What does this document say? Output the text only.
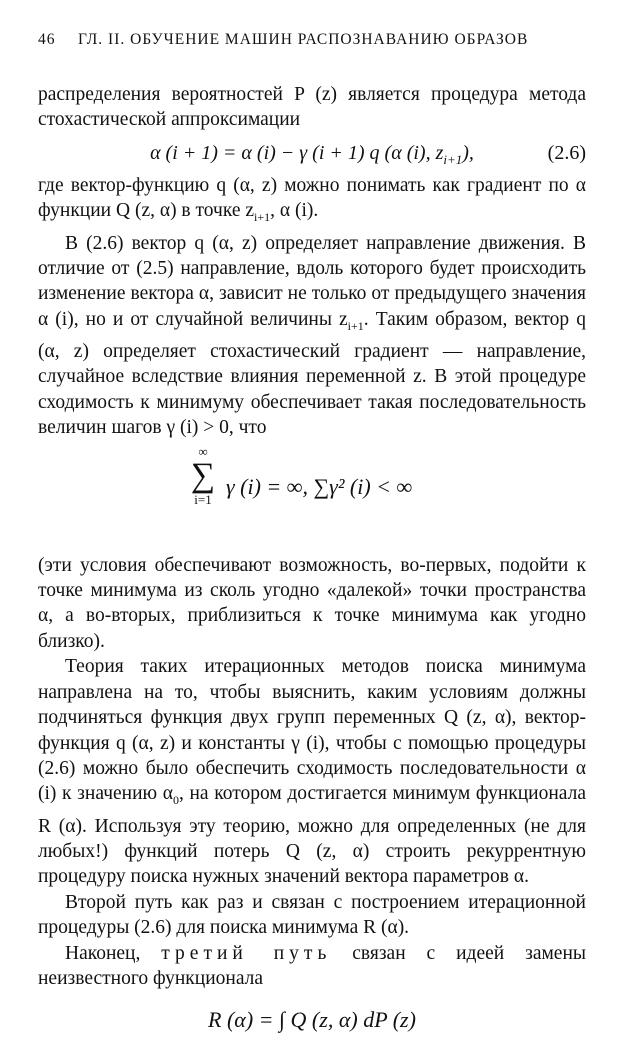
46 ГЛ. II. ОБУЧЕНИЕ МАШИН РАСПОЗНАВАНИЮ ОБРАЗОВ

распределения вероятностей P (z) является процедура метода стохастической аппроксимации

α (i + 1) = α (i) − γ (i + 1) q (α (i), $z_{i+1}$),	(2.6)

где вектор-функцию q (α, z) можно понимать как градиент по α функции Q (z, α) в точке $z_{i+1}$, α (i).

В (2.6) вектор q (α, z) определяет направление движения. В отличие от (2.5) направление, вдоль которого будет происходить изменение вектора α, зависит не только от предыдущего значения α (i), но и от случайной величины $z_{i+1}$. Таким образом, вектор q (α, z) определяет стохастический градиент — направление, случайное вследствие влияния переменной z. В этой процедуре сходимость к минимуму обеспечивает такая последовательность величин шагов γ (i) > 0, что

∞
∑
i=1
γ (i) = ∞, ∑γ² (i) < ∞

(эти условия обеспечивают возможность, во-первых, подойти к точке минимума из сколь угодно «далекой» точки пространства α, а во-вторых, приблизиться к точке минимума как угодно близко).

Теория таких итерационных методов поиска минимума направлена на то, чтобы выяснить, каким условиям должны подчиняться функция двух групп переменных Q (z, α), вектор-функция q (α, z) и константы γ (i), чтобы с помощью процедуры (2.6) можно было обеспечить сходимость последовательности α (i) к значению $\alpha_0$, на котором достигается минимум функционала R (α). Используя эту теорию, можно для определенных (не для любых!) функций потерь Q (z, α) строить рекуррентную процедуру поиска нужных значений вектора параметров α.

Второй путь как раз и связан с построением итерационной процедуры (2.6) для поиска минимума R (α).

Наконец, третий путь связан с идеей замены неизвестного функционала

R (α) = ∫ Q (z, α) dP (z)
